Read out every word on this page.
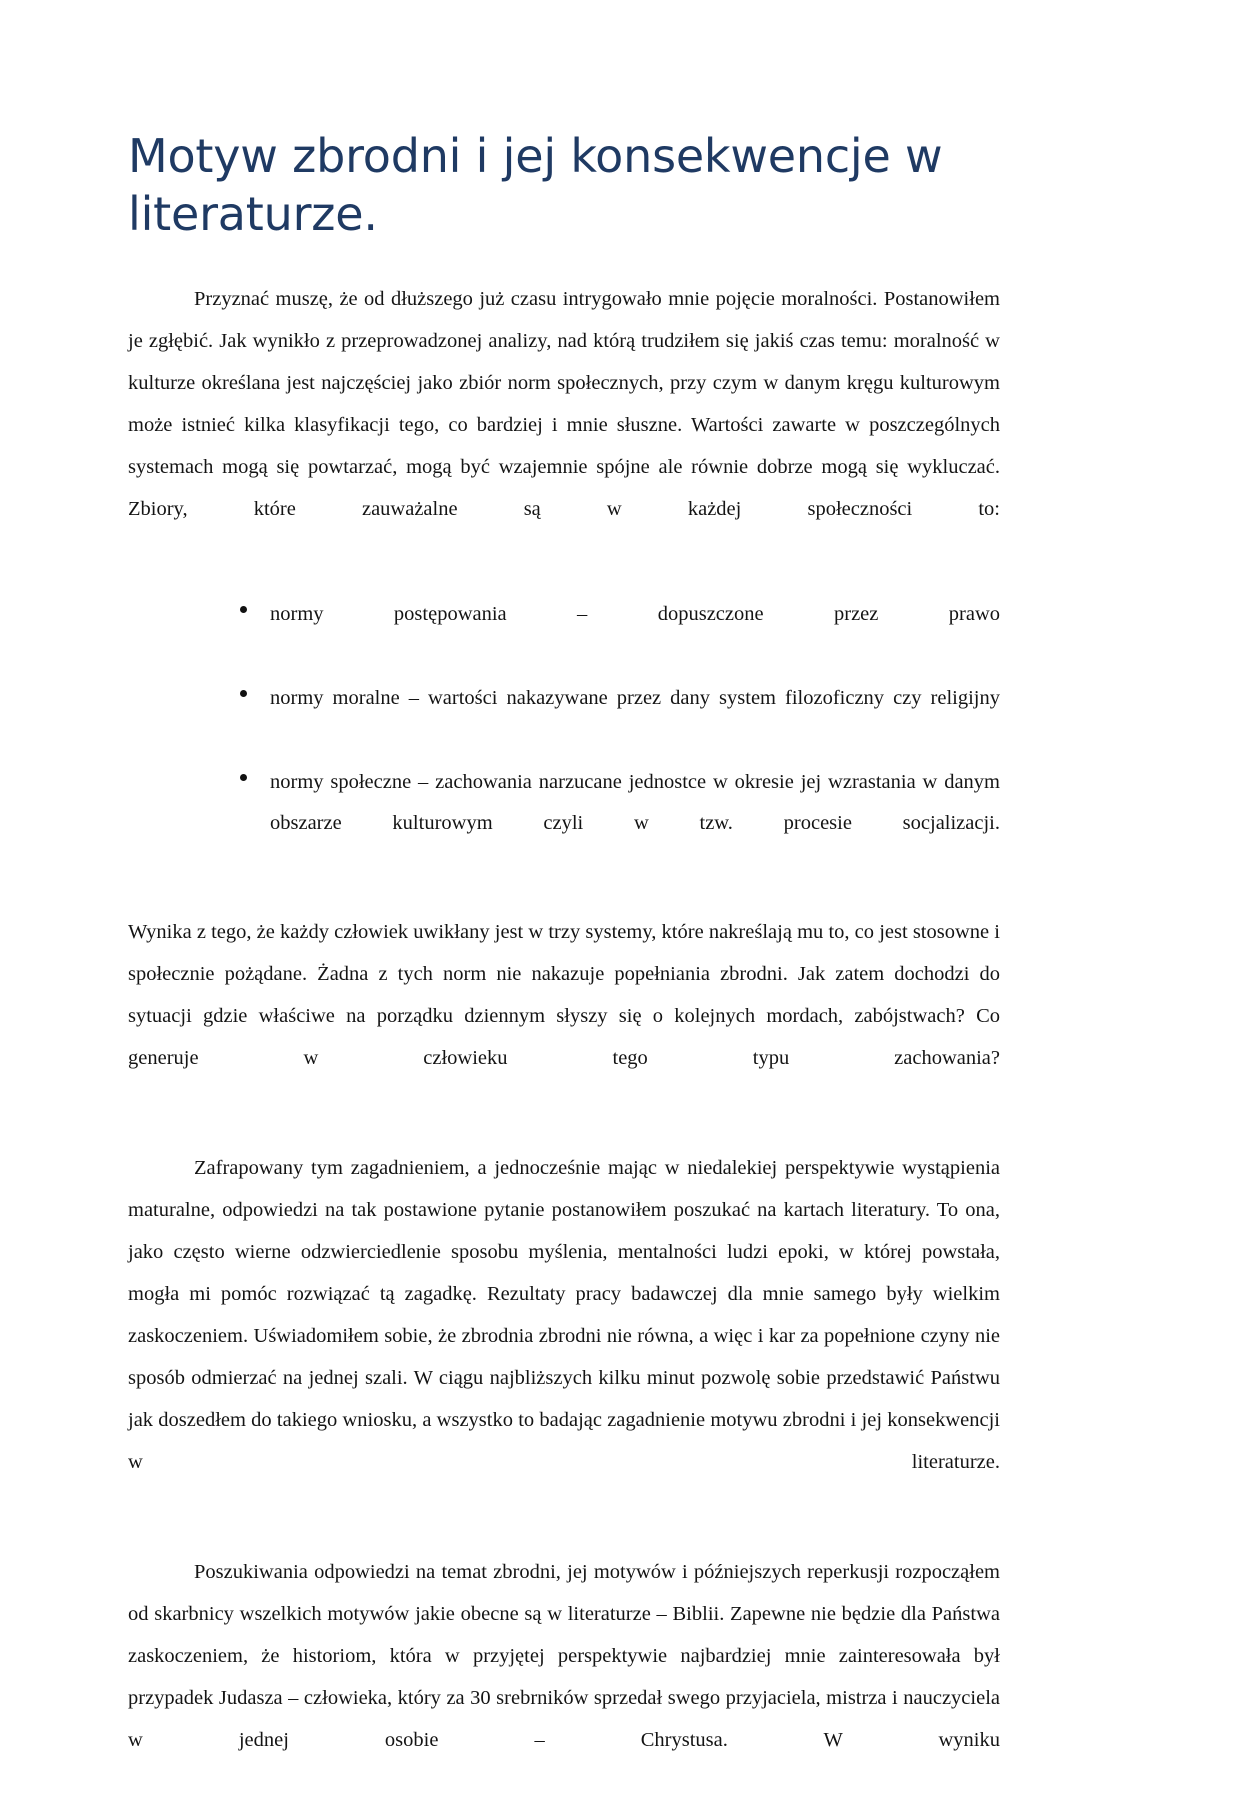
Motyw zbrodni i jej konsekwencje w literaturze.

Przyznać muszę, że od dłuższego już czasu intrygowało mnie pojęcie moralności. Postanowiłem je zgłębić. Jak wynikło z przeprowadzonej analizy, nad którą trudziłem się jakiś czas temu: moralność w kulturze określana jest najczęściej jako zbiór norm społecznych, przy czym w danym kręgu kulturowym może istnieć kilka klasyfikacji tego, co bardziej i mnie słuszne. Wartości zawarte w poszczególnych systemach mogą się powtarzać, mogą być wzajemnie spójne ale równie dobrze mogą się wykluczać. Zbiory, które zauważalne są w każdej społeczności to:

normy postępowania – dopuszczone przez prawo
normy moralne – wartości nakazywane przez dany system filozoficzny czy religijny
normy społeczne – zachowania narzucane jednostce w okresie jej wzrastania w danym obszarze kulturowym czyli w tzw. procesie socjalizacji.

Wynika z tego, że każdy człowiek uwikłany jest w trzy systemy, które nakreślają mu to, co jest stosowne i społecznie pożądane. Żadna z tych norm nie nakazuje popełniania zbrodni. Jak zatem dochodzi do sytuacji gdzie właściwe na porządku dziennym słyszy się o kolejnych mordach, zabójstwach? Co generuje w człowieku tego typu zachowania?

Zafrapowany tym zagadnieniem, a jednocześnie mając w niedalekiej perspektywie wystąpienia maturalne, odpowiedzi na tak postawione pytanie postanowiłem poszukać na kartach literatury. To ona, jako często wierne odzwierciedlenie sposobu myślenia, mentalności ludzi epoki, w której powstała, mogła mi pomóc rozwiązać tą zagadkę. Rezultaty pracy badawczej dla mnie samego były wielkim zaskoczeniem. Uświadomiłem sobie, że zbrodnia zbrodni nie równa, a więc i kar za popełnione czyny nie sposób odmierzać na jednej szali. W ciągu najbliższych kilku minut pozwolę sobie przedstawić Państwu jak doszedłem do takiego wniosku, a wszystko to badając zagadnienie motywu zbrodni i jej konsekwencji w literaturze.

Poszukiwania odpowiedzi na temat zbrodni, jej motywów i późniejszych reperkusji rozpocząłem od skarbnicy wszelkich motywów jakie obecne są w literaturze – Biblii. Zapewne nie będzie dla Państwa zaskoczeniem, że historiom, która w przyjętej perspektywie najbardziej mnie zainteresowała był przypadek Judasza – człowieka, który za 30 srebrników sprzedał swego przyjaciela, mistrza i nauczyciela w jednej osobie – Chrystusa. W wyniku
